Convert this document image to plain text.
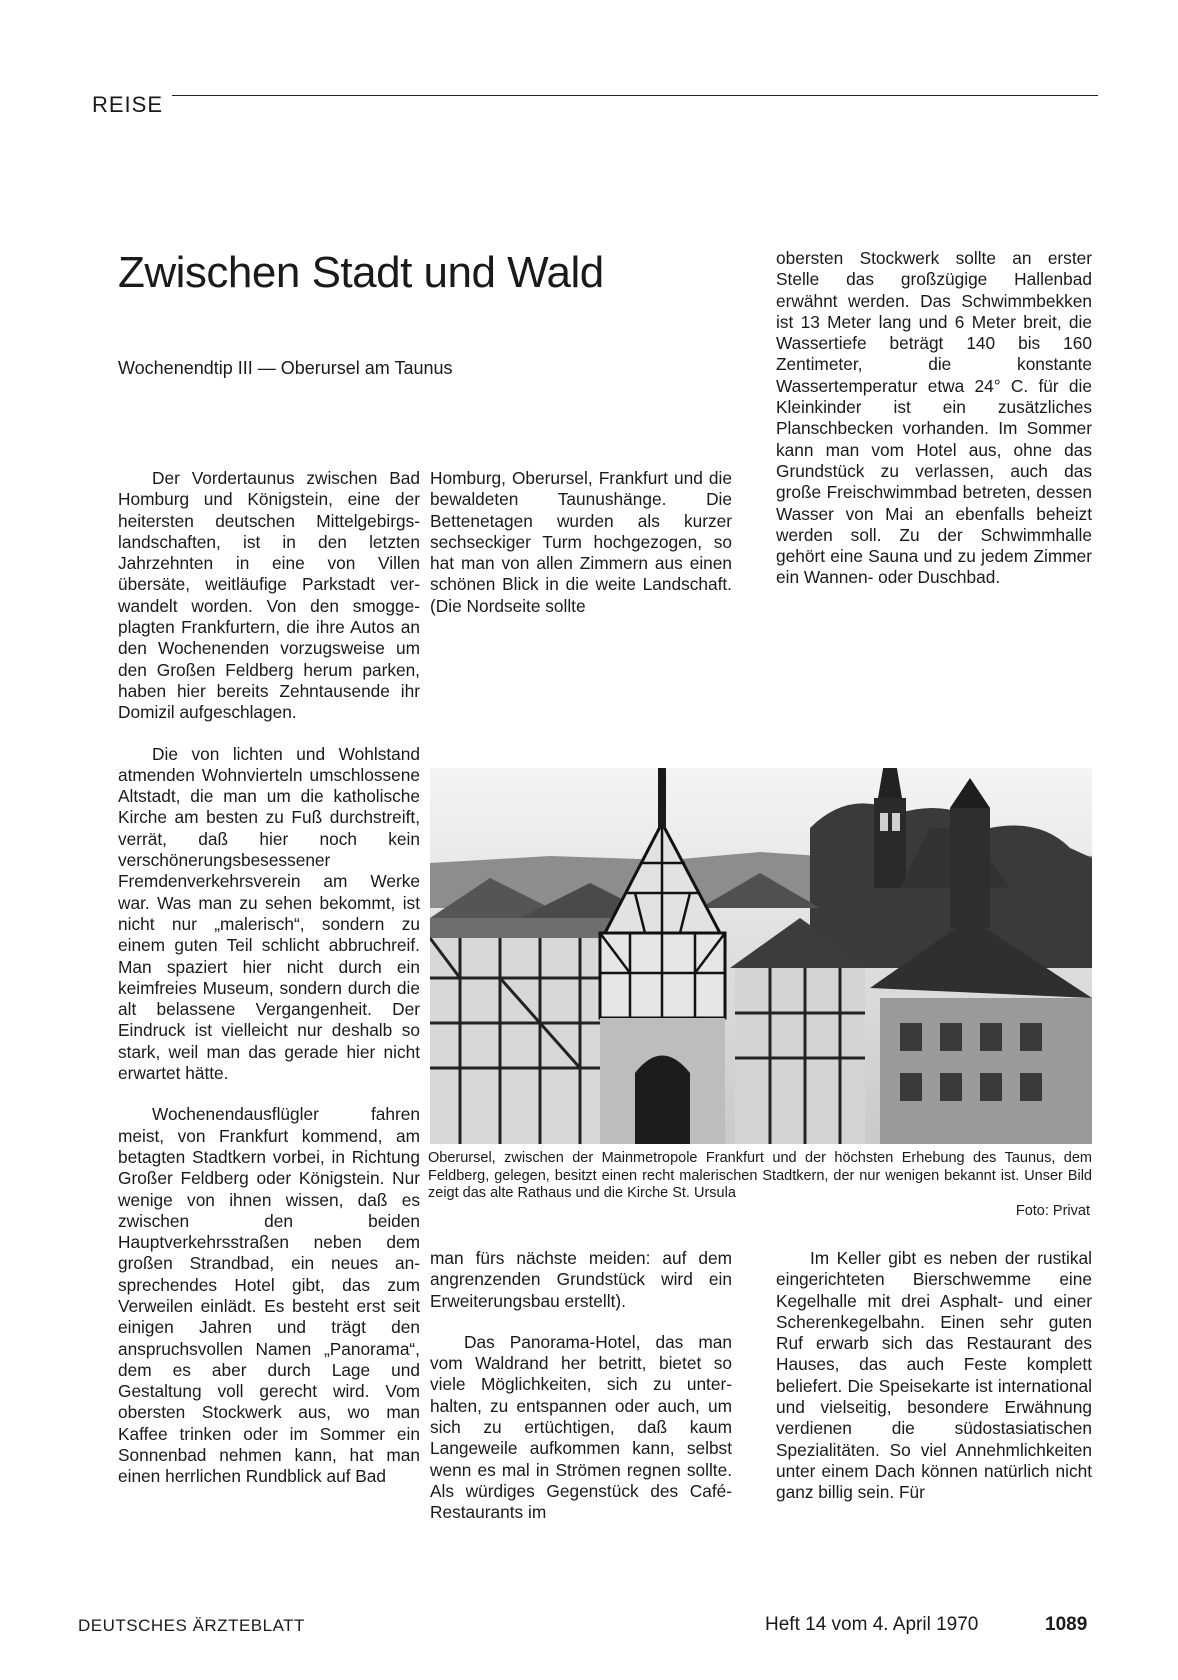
REISE
Zwischen Stadt und Wald
Wochenendtip III — Oberursel am Taunus

Der Vordertaunus zwischen Bad Homburg und Königstein, eine der heitersten deutschen Mittelgebirgslandschaften, ist in den letzten Jahrzehnten in eine von Villen übersäte, weitläufige Parkstadt verwandelt worden. Von den smoggeplagten Frankfurtern, die ihre Autos an den Wochenenden vorzugsweise um den Großen Feldberg herum parken, haben hier bereits Zehntausende ihr Domizil aufgeschlagen.

Die von lichten und Wohlstand atmenden Wohnvierteln umschlossene Altstadt, die man um die katholische Kirche am besten zu Fuß durchstreift, verrät, daß hier noch kein verschönerungsbesessener Fremdenverkehrsverein am Werke war. Was man zu sehen bekommt, ist nicht nur „malerisch“, sondern zu einem guten Teil schlicht abbruchreif. Man spaziert hier nicht durch ein keimfreies Museum, sondern durch die alt belassene Vergangenheit. Der Eindruck ist vielleicht nur deshalb so stark, weil man das gerade hier nicht erwartet hätte.

Wochenendausflügler fahren meist, von Frankfurt kommend, am betagten Stadtkern vorbei, in Richtung Großer Feldberg oder Königstein. Nur wenige von ihnen wissen, daß es zwischen den beiden Hauptverkehrsstraßen neben dem großen Strandbad, ein neues ansprechendes Hotel gibt, das zum Verweilen einlädt. Es besteht erst seit einigen Jahren und trägt den anspruchsvollen Namen „Panorama“, dem es aber durch Lage und Gestaltung voll gerecht wird. Vom obersten Stockwerk aus, wo man Kaffee trinken oder im Sommer ein Sonnenbad nehmen kann, hat man einen herrlichen Rundblick auf Bad

Homburg, Oberursel, Frankfurt und die bewaldeten Taunushänge. Die Bettenetagen wurden als kurzer sechseckiger Turm hochgezogen, so hat man von allen Zimmern aus einen schönen Blick in die weite Landschaft. (Die Nordseite sollte

obersten Stockwerk sollte an erster Stelle das großzügige Hallenbad erwähnt werden. Das Schwimmbekken ist 13 Meter lang und 6 Meter breit, die Wassertiefe beträgt 140 bis 160 Zentimeter, die konstante Wassertemperatur etwa 24° C. für die Kleinkinder ist ein zusätzliches Planschbecken vorhanden. Im Sommer kann man vom Hotel aus, ohne das Grundstück zu verlassen, auch das große Freischwimmbad betreten, dessen Wasser von Mai an ebenfalls beheizt werden soll. Zu der Schwimmhalle gehört eine Sauna und zu jedem Zimmer ein Wannen- oder Duschbad.

Oberursel, zwischen der Mainmetropole Frankfurt und der höchsten Erhebung des Taunus, dem Feldberg, gelegen, besitzt einen recht malerischen Stadtkern, der nur wenigen bekannt ist. Unser Bild zeigt das alte Rathaus und die Kirche St. Ursula
Foto: Privat

man fürs nächste meiden: auf dem angrenzenden Grundstück wird ein Erweiterungsbau erstellt).

Das Panorama-Hotel, das man vom Waldrand her betritt, bietet so viele Möglichkeiten, sich zu unterhalten, zu entspannen oder auch, um sich zu ertüchtigen, daß kaum Langeweile aufkommen kann, selbst wenn es mal in Strömen regnen sollte. Als würdiges Gegenstück des Café-Restaurants im

Im Keller gibt es neben der rustikal eingerichteten Bierschwemme eine Kegelhalle mit drei Asphalt- und einer Scherenkegelbahn. Einen sehr guten Ruf erwarb sich das Restaurant des Hauses, das auch Feste komplett beliefert. Die Speisekarte ist international und vielseitig, besondere Erwähnung verdienen die südostasiatischen Spezialitäten. So viel Annehmlichkeiten unter einem Dach können natürlich nicht ganz billig sein. Für

DEUTSCHES ÄRZTEBLATT	Heft 14 vom 4. April 1970	1089
